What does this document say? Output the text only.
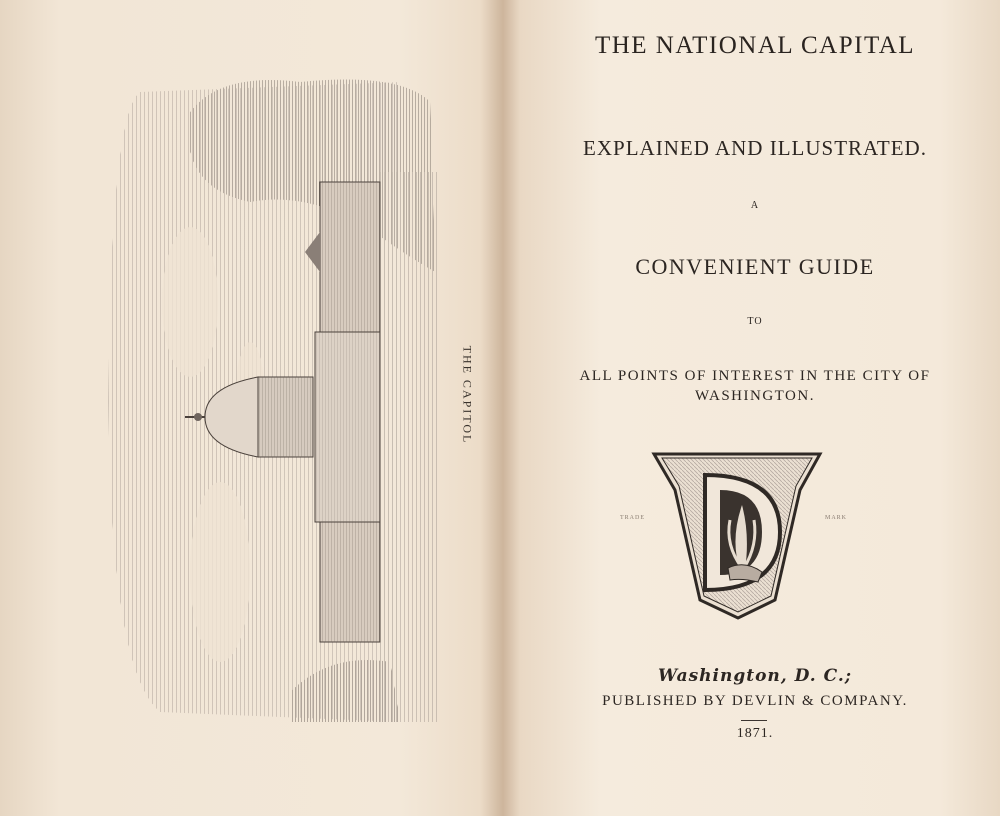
THE CAPITOL
THE NATIONAL CAPITAL
EXPLAINED AND ILLUSTRATED.
A
CONVENIENT GUIDE
TO
ALL POINTS OF INTEREST IN THE CITY OF
WASHINGTON.
TRADE	MARK
Washington, D. C.;
PUBLISHED BY DEVLIN & COMPANY.
1871.
